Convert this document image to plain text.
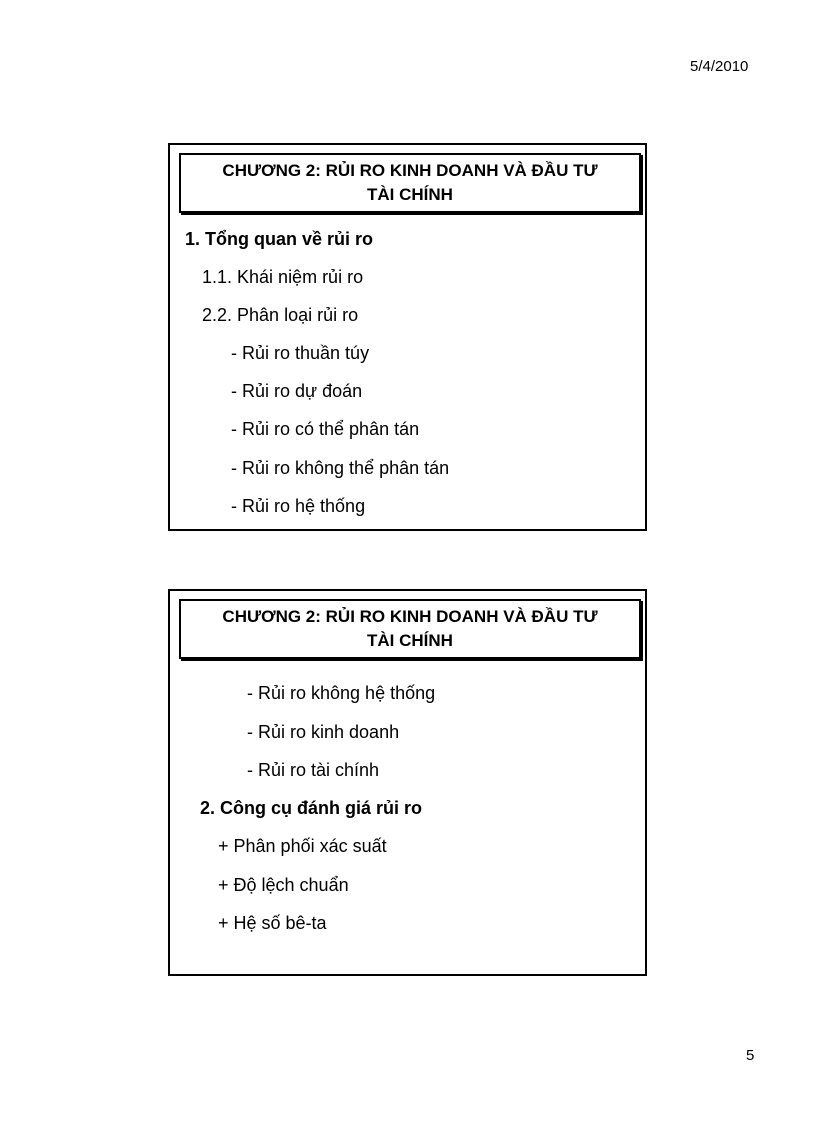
5/4/2010
CHƯƠNG 2: RỦI RO KINH DOANH VÀ ĐẦU TƯ
TÀI CHÍNH
1. Tổng quan về rủi ro
1.1. Khái niệm rủi ro
2.2. Phân loại rủi ro
- Rủi ro thuần túy
- Rủi ro dự đoán
- Rủi ro có thể phân tán
- Rủi ro không thể phân tán
- Rủi ro hệ thống
CHƯƠNG 2: RỦI RO KINH DOANH VÀ ĐẦU TƯ
TÀI CHÍNH
- Rủi ro không hệ thống
- Rủi ro kinh doanh
- Rủi ro tài chính
2. Công cụ đánh giá rủi ro
+ Phân phối xác suất
+ Độ lệch chuẩn
+ Hệ số bê-ta
5
